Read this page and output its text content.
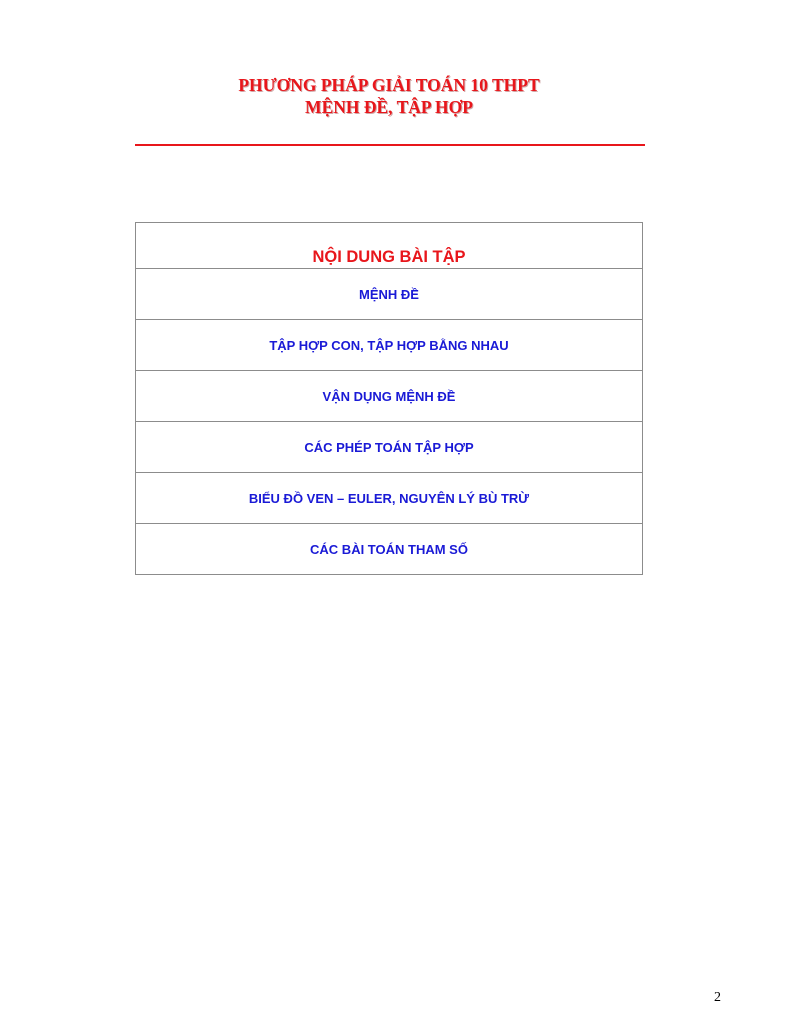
PHƯƠNG PHÁP GIẢI TOÁN 10 THPT
MỆNH ĐỀ, TẬP HỢP
NỘI DUNG BÀI TẬP
MỆNH ĐỀ
TẬP HỢP CON, TẬP HỢP BẰNG NHAU
VẬN DỤNG MỆNH ĐỀ
CÁC PHÉP TOÁN TẬP HỢP
BIỂU ĐỒ VEN – EULER, NGUYÊN LÝ BÙ TRỪ
CÁC BÀI TOÁN THAM SỐ
2
